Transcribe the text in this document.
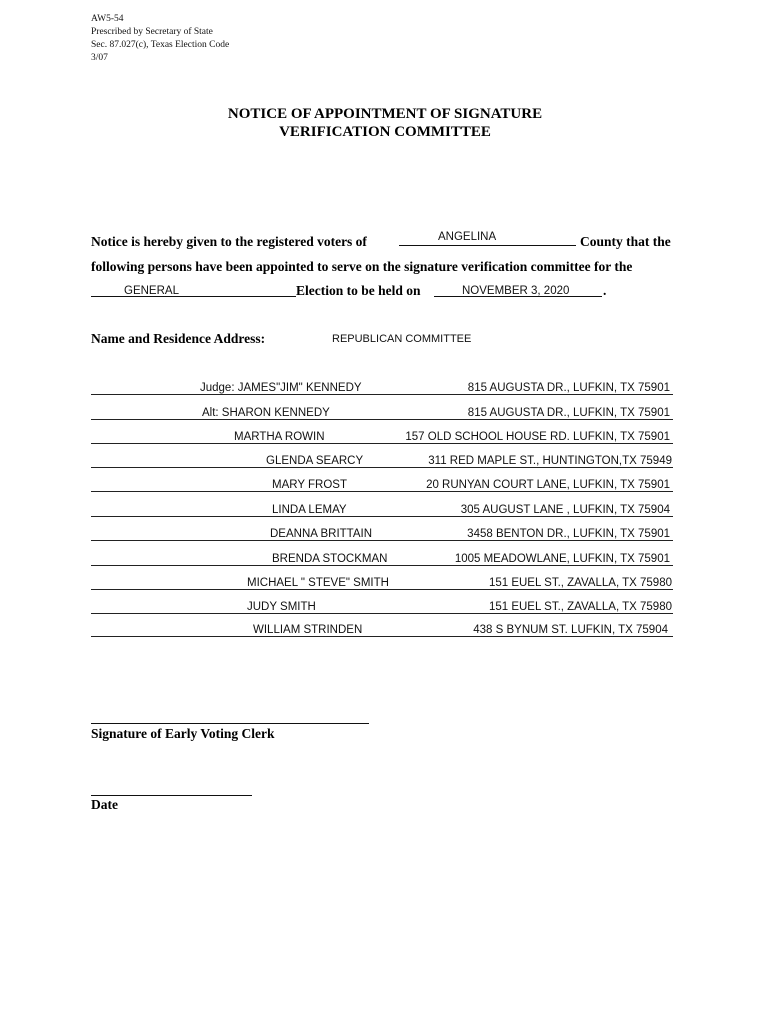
AW5-54
Prescribed by Secretary of State
Sec. 87.027(c), Texas Election Code
3/07
NOTICE OF APPOINTMENT OF SIGNATURE
VERIFICATION COMMITTEE
Notice is hereby given to the registered voters of	ANGELINA	County that the
following persons have been appointed to serve on the signature verification committee for the
GENERAL	Election to be held on	NOVEMBER 3, 2020 .
Name and Residence Address:	REPUBLICAN COMMITTEE
Judge: JAMES"JIM" KENNEDY	815 AUGUSTA DR., LUFKIN, TX 75901
Alt: SHARON KENNEDY	815 AUGUSTA DR., LUFKIN, TX 75901
MARTHA ROWIN	157 OLD SCHOOL HOUSE RD. LUFKIN, TX 75901
GLENDA SEARCY	311 RED MAPLE ST., HUNTINGTON,TX 75949
MARY FROST	20 RUNYAN COURT LANE, LUFKIN, TX 75901
LINDA LEMAY	305 AUGUST LANE , LUFKIN, TX 75904
DEANNA BRITTAIN	3458 BENTON DR., LUFKIN, TX 75901
BRENDA STOCKMAN	1005 MEADOWLANE, LUFKIN, TX 75901
MICHAEL " STEVE" SMITH	151 EUEL ST., ZAVALLA, TX 75980
JUDY SMITH	151 EUEL ST., ZAVALLA, TX 75980
WILLIAM STRINDEN	438 S BYNUM ST. LUFKIN, TX 75904
Signature of Early Voting Clerk
Date
